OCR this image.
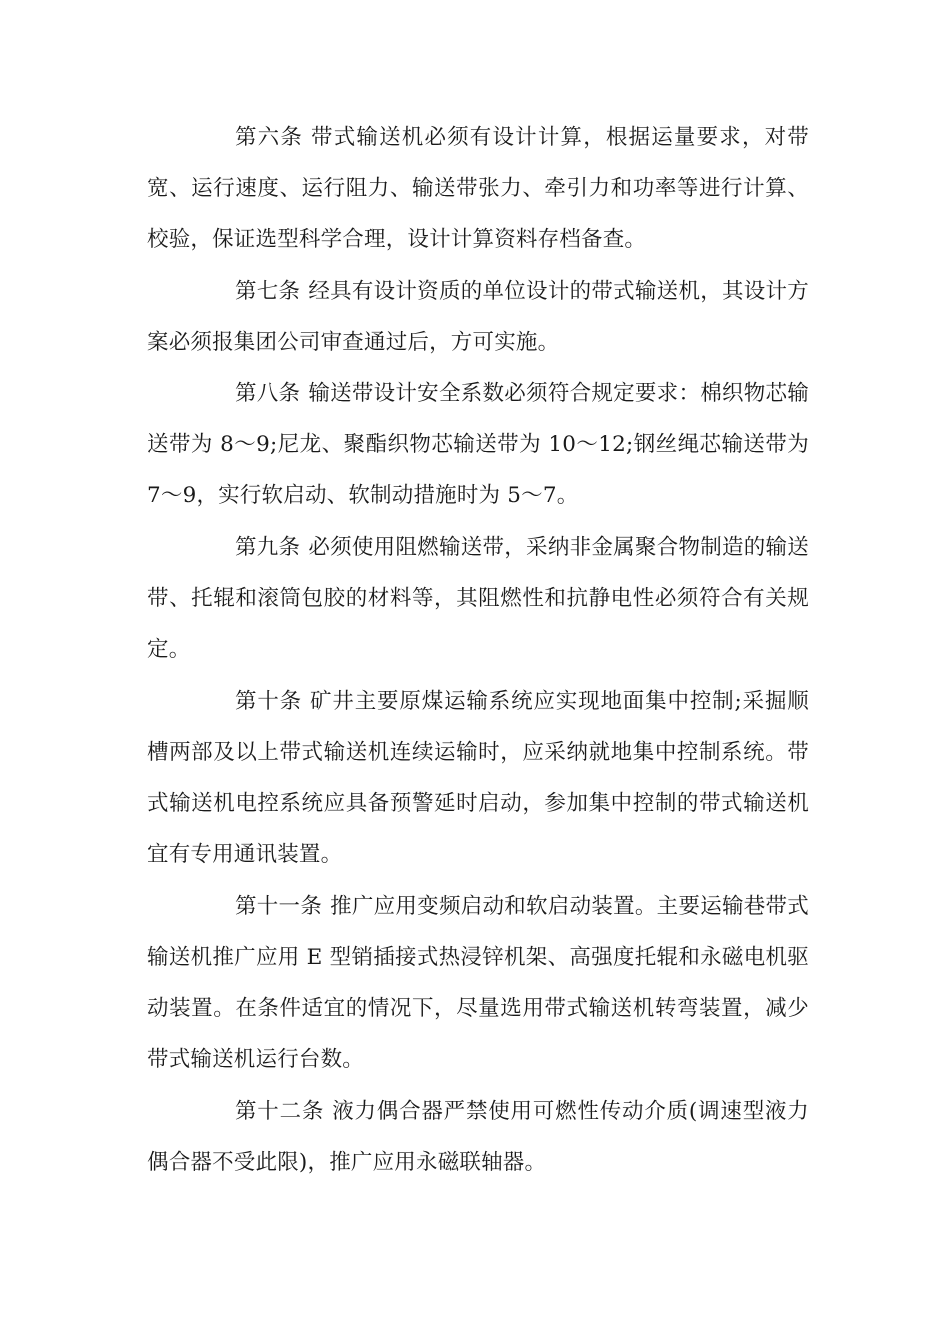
第六条 带式输送机必须有设计计算，根据运量要求，对带宽、运行速度、运行阻力、输送带张力、牵引力和功率等进行计算、校验，保证选型科学合理，设计计算资料存档备查。

第七条 经具有设计资质的单位设计的带式输送机，其设计方案必须报集团公司审查通过后，方可实施。

第八条 输送带设计安全系数必须符合规定要求：棉织物芯输送带为 8～9;尼龙、聚酯织物芯输送带为 10～12;钢丝绳芯输送带为 7～9，实行软启动、软制动措施时为 5～7。

第九条 必须使用阻燃输送带，采纳非金属聚合物制造的输送带、托辊和滚筒包胶的材料等，其阻燃性和抗静电性必须符合有关规定。

第十条 矿井主要原煤运输系统应实现地面集中控制;采掘顺槽两部及以上带式输送机连续运输时，应采纳就地集中控制系统。带式输送机电控系统应具备预警延时启动，参加集中控制的带式输送机宜有专用通讯装置。

第十一条 推广应用变频启动和软启动装置。主要运输巷带式输送机推广应用 E 型销插接式热浸锌机架、高强度托辊和永磁电机驱动装置。在条件适宜的情况下，尽量选用带式输送机转弯装置，减少带式输送机运行台数。

第十二条 液力偶合器严禁使用可燃性传动介质(调速型液力偶合器不受此限)，推广应用永磁联轴器。
